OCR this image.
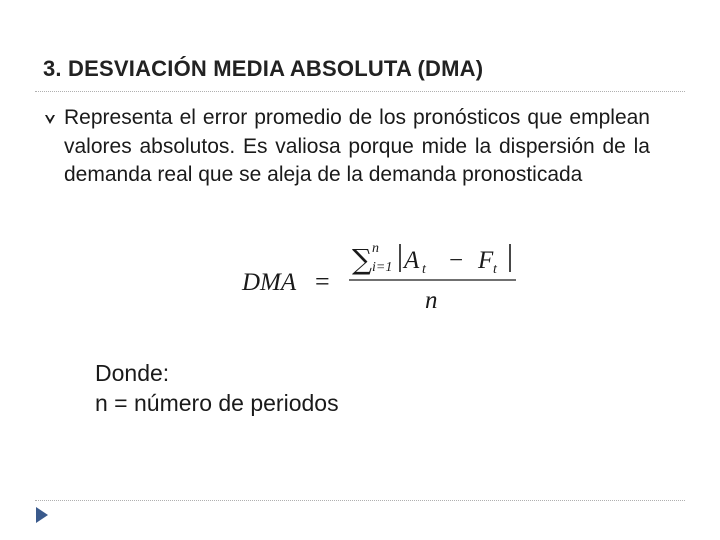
3. DESVIACIÓN MEDIA ABSOLUTA (DMA)
Representa el error promedio de los pronósticos que emplean valores absolutos. Es valiosa porque mide la dispersión de la demanda real que se aleja de la demanda pronosticada
DMA =
∑ n
i=1 A t − F t
n
Donde:
n = número de periodos
